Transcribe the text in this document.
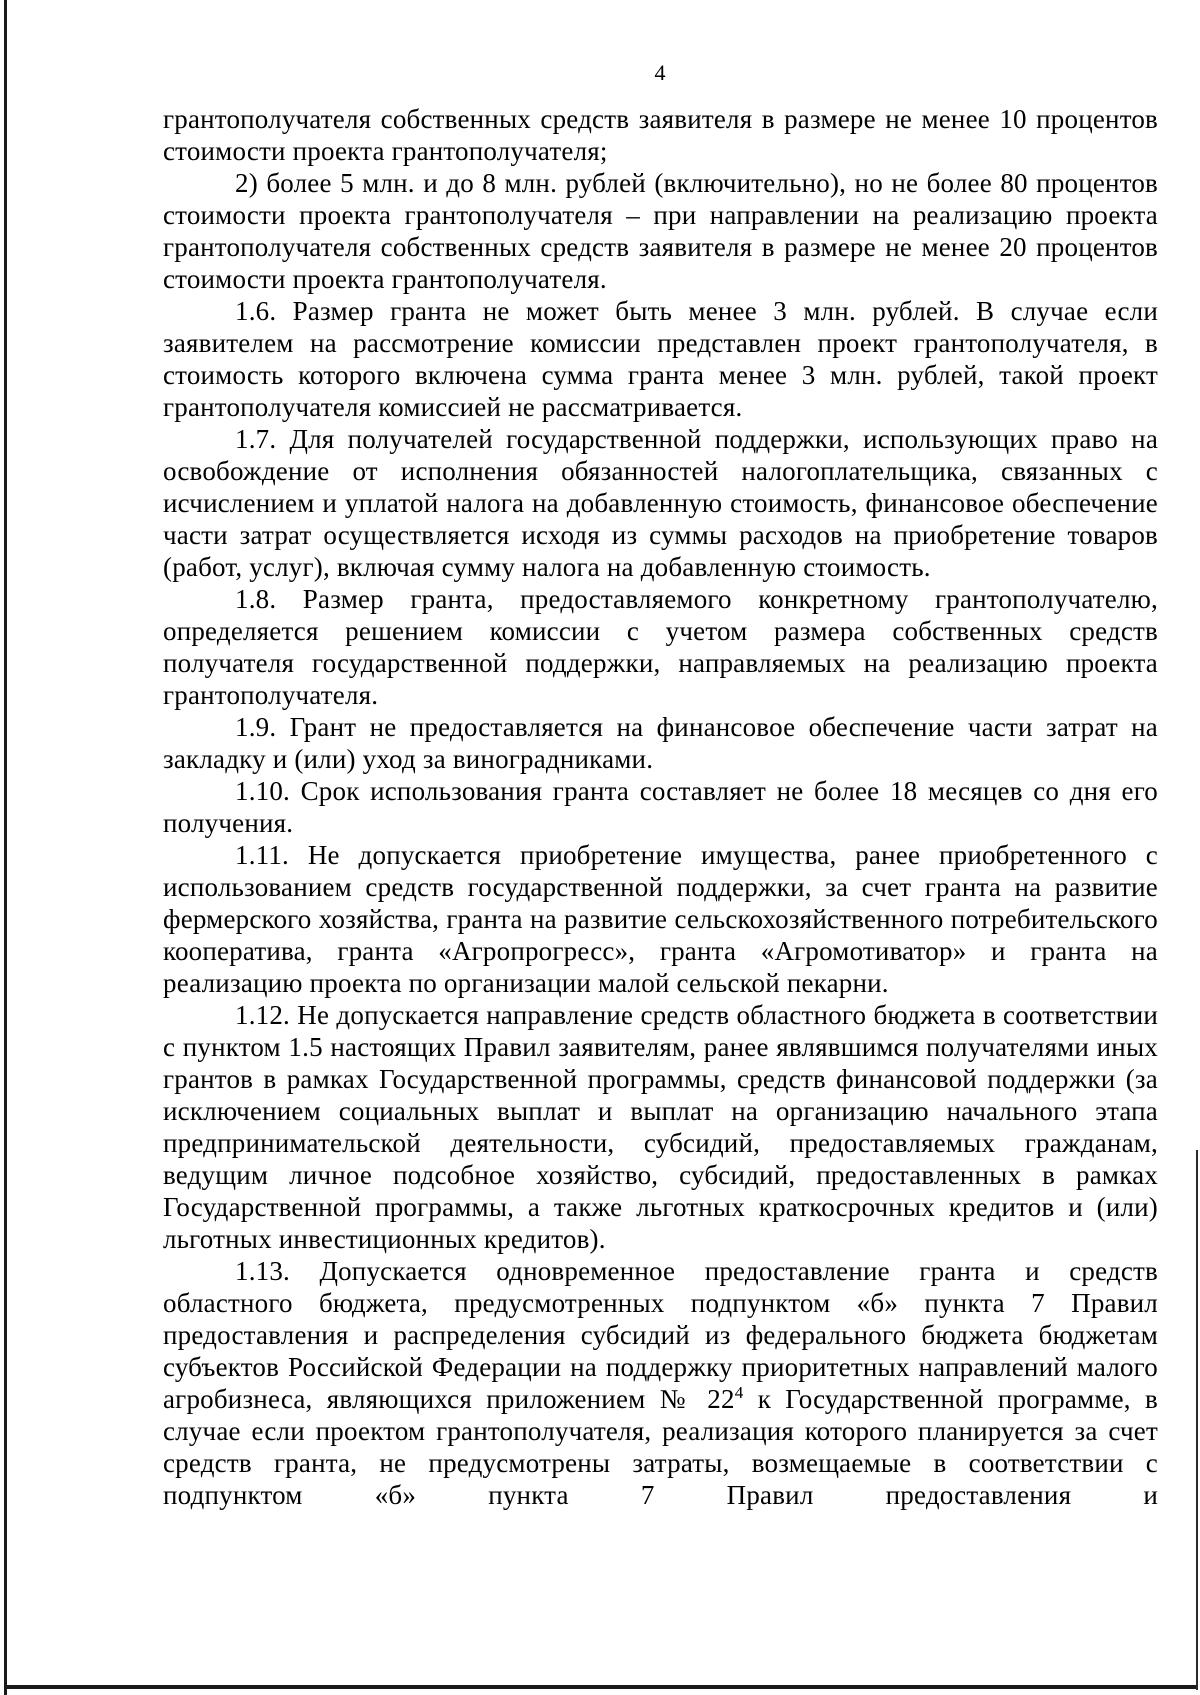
4

грантополучателя собственных средств заявителя в размере не менее 10 процентов стоимости проекта грантополучателя;

2) более 5 млн. и до 8 млн. рублей (включительно), но не более 80 процентов стоимости проекта грантополучателя – при направлении на реализацию проекта грантополучателя собственных средств заявителя в размере не менее 20 процентов стоимости проекта грантополучателя.

1.6. Размер гранта не может быть менее 3 млн. рублей. В случае если заявителем на рассмотрение комиссии представлен проект грантополучателя, в стоимость которого включена сумма гранта менее 3 млн. рублей, такой проект грантополучателя комиссией не рассматривается.

1.7. Для получателей государственной поддержки, использующих право на освобождение от исполнения обязанностей налогоплательщика, связанных с исчислением и уплатой налога на добавленную стоимость, финансовое обеспечение части затрат осуществляется исходя из суммы расходов на приобретение товаров (работ, услуг), включая сумму налога на добавленную стоимость.

1.8. Размер гранта, предоставляемого конкретному грантополучателю, определяется решением комиссии с учетом размера собственных средств получателя государственной поддержки, направляемых на реализацию проекта грантополучателя.

1.9. Грант не предоставляется на финансовое обеспечение части затрат на закладку и (или) уход за виноградниками.

1.10. Срок использования гранта составляет не более 18 месяцев со дня его получения.

1.11. Не допускается приобретение имущества, ранее приобретенного с использованием средств государственной поддержки, за счет гранта на развитие фермерского хозяйства, гранта на развитие сельскохозяйственного потребительского кооператива, гранта «Агропрогресс», гранта «Агромотиватор» и гранта на реализацию проекта по организации малой сельской пекарни.

1.12. Не допускается направление средств областного бюджета в соответствии с пунктом 1.5 настоящих Правил заявителям, ранее являвшимся получателями иных грантов в рамках Государственной программы, средств финансовой поддержки (за исключением социальных выплат и выплат на организацию начального этапа предпринимательской деятельности, субсидий, предоставляемых гражданам, ведущим личное подсобное хозяйство, субсидий, предоставленных в рамках Государственной программы, а также льготных краткосрочных кредитов и (или) льготных инвестиционных кредитов).

1.13. Допускается одновременное предоставление гранта и средств областного бюджета, предусмотренных подпунктом «б» пункта 7 Правил предоставления и распределения субсидий из федерального бюджета бюджетам субъектов Российской Федерации на поддержку приоритетных направлений малого агробизнеса, являющихся приложением № $22^4$ к Государственной программе, в случае если проектом грантополучателя, реализация которого планируется за счет средств гранта, не предусмотрены затраты, возмещаемые в соответствии с подпунктом «б» пункта 7 Правил предоставления и
